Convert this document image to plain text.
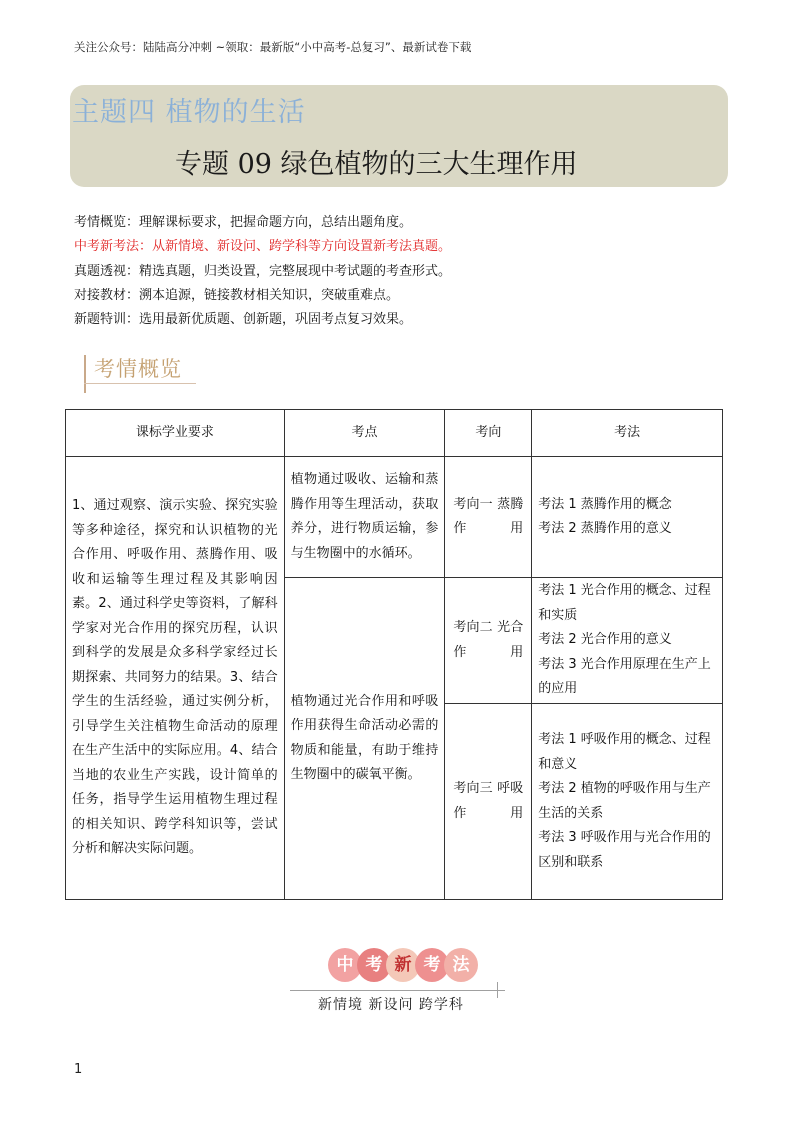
关注公众号：陆陆高分冲刺 ~领取：最新版“小中高考-总复习”、最新试卷下载
主题四 植物的生活
专题 09 绿色植物的三大生理作用
考情概览：理解课标要求，把握命题方向，总结出题角度。
中考新考法：从新情境、新设问、跨学科等方向设置新考法真题。
真题透视：精选真题，归类设置，完整展现中考试题的考查形式。
对接教材：溯本追源，链接教材相关知识，突破重难点。
新题特训：选用最新优质题、创新题，巩固考点复习效果。
考情概览
课标学业要求	考点	考向	考法
1、通过观察、演示实验、探究实验等多种途径，探究和认识植物的光合作用、呼吸作用、蒸腾作用、吸收和运输等生理过程及其影响因素。2、通过科学史等资料，了解科学家对光合作用的探究历程，认识到科学的发展是众多科学家经过长期探索、共同努力的结果。3、结合学生的生活经验，通过实例分析，引导学生关注植物生命活动的原理在生产生活中的实际应用。4、结合当地的农业生产实践，设计简单的任务，指导学生运用植物生理过程的相关知识、跨学科知识等，尝试分析和解决实际问题。	植物通过吸收、运输和蒸腾作用等生理活动，获取养分，进行物质运输，参与生物圈中的水循环。	考向一 蒸腾作用	考法 1 蒸腾作用的概念
考法 2 蒸腾作用的意义

	植物通过光合作用和呼吸作用获得生命活动必需的物质和能量，有助于维持生物圈中的碳氧平衡。	考向二 光合作用	考法 1 光合作用的概念、过程和实质
考法 2 光合作用的意义
考法 3 光合作用原理在生产上的应用

		考向三 呼吸作用	考法 1 呼吸作用的概念、过程和意义
考法 2 植物的呼吸作用与生产生活的关系
考法 3 呼吸作用与光合作用的区别和联系
中 考 新 考 法
新情境 新设问 跨学科
1
